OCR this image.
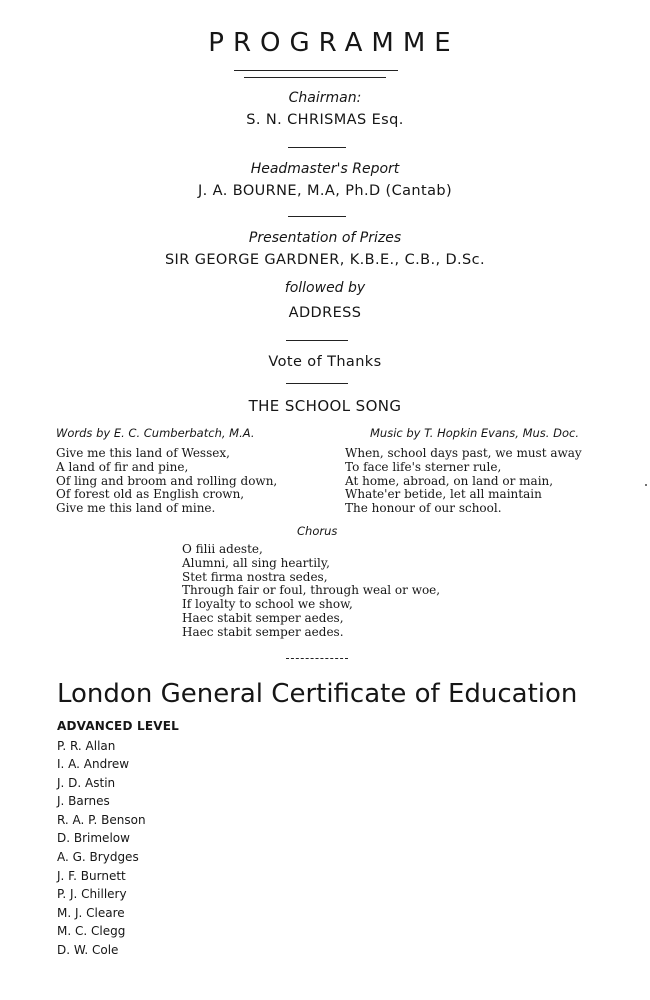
PROGRAMME
Chairman:
S. N. CHRISMAS Esq.
Headmaster's Report
J. A. BOURNE, M.A, Ph.D (Cantab)
Presentation of Prizes
SIR GEORGE GARDNER, K.B.E., C.B., D.Sc.
followed by
ADDRESS
Vote of Thanks
THE SCHOOL SONG
Words by E. C. Cumberbatch, M.A.	Music by T. Hopkin Evans, Mus. Doc.
Give me this land of Wessex,
A land of fir and pine,
Of ling and broom and rolling down,
Of forest old as English crown,
Give me this land of mine.
When, school days past, we must away
To face life's sterner rule,
At home, abroad, on land or main,
Whate'er betide, let all maintain
The honour of our school.
Chorus
O filii adeste,
Alumni, all sing heartily,
Stet firma nostra sedes,
Through fair or foul, through weal or woe,
If loyalty to school we show,
Haec stabit semper aedes,
Haec stabit semper aedes.
London General Certificate of Education
ADVANCED LEVEL
P. R. Allan
I. A. Andrew
J. D. Astin
J. Barnes
R. A. P. Benson
D. Brimelow
A. G. Brydges
J. F. Burnett
P. J. Chillery
M. J. Cleare
M. C. Clegg
D. W. Cole
